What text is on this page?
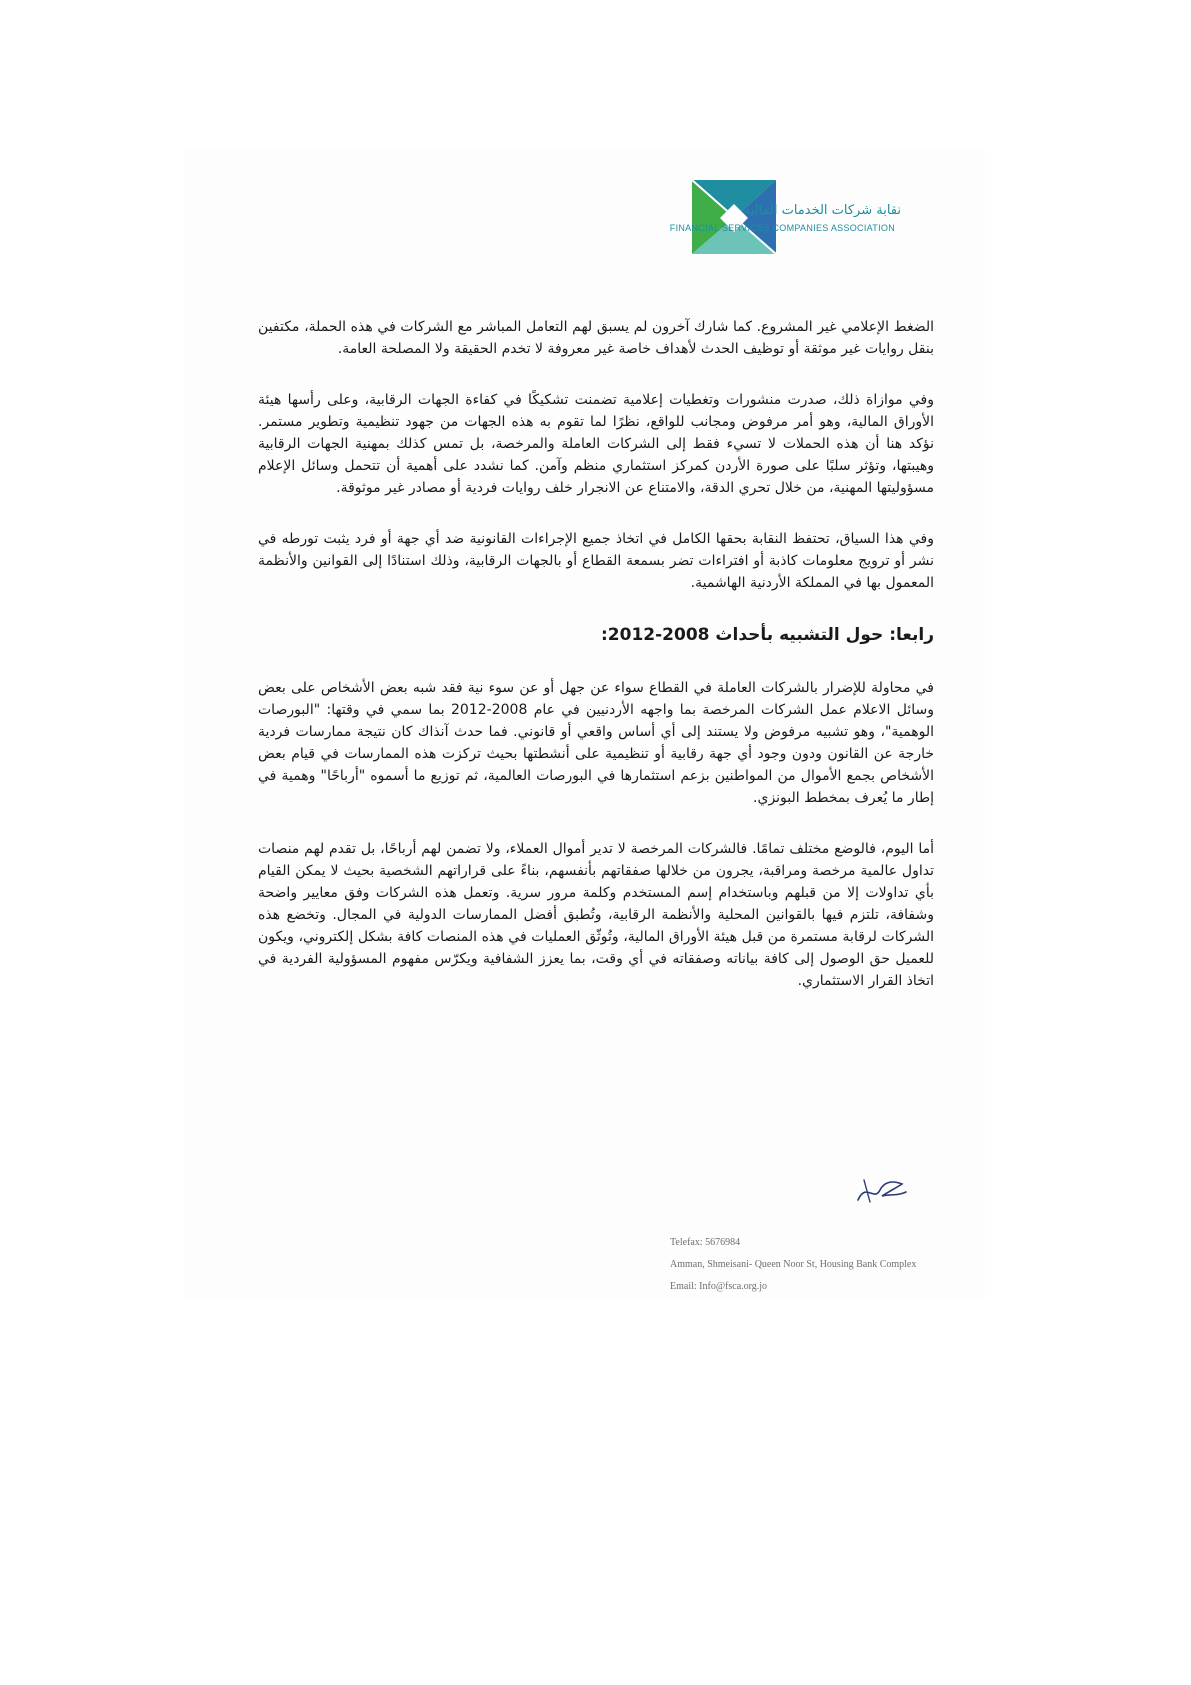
نقابة شركات الخدمات المالية
FINANCIAL SERVICES COMPANIES ASSOCIATION

الضغط الإعلامي غير المشروع. كما شارك آخرون لم يسبق لهم التعامل المباشر مع الشركات في هذه الحملة، مكتفين بنقل روايات غير موثقة أو توظيف الحدث لأهداف خاصة غير معروفة لا تخدم الحقيقة ولا المصلحة العامة.

وفي موازاة ذلك، صدرت منشورات وتغطيات إعلامية تضمنت تشكيكًا في كفاءة الجهات الرقابية، وعلى رأسها هيئة الأوراق المالية، وهو أمر مرفوض ومجانب للواقع، نظرًا لما تقوم به هذه الجهات من جهود تنظيمية وتطوير مستمر. نؤكد هنا أن هذه الحملات لا تسيء فقط إلى الشركات العاملة والمرخصة، بل تمس كذلك بمهنية الجهات الرقابية وهيبتها، وتؤثر سلبًا على صورة الأردن كمركز استثماري منظم وآمن. كما نشدد على أهمية أن تتحمل وسائل الإعلام مسؤوليتها المهنية، من خلال تحري الدقة، والامتناع عن الانجرار خلف روايات فردية أو مصادر غير موثوقة.

وفي هذا السياق، تحتفظ النقابة بحقها الكامل في اتخاذ جميع الإجراءات القانونية ضد أي جهة أو فرد يثبت تورطه في نشر أو ترويج معلومات كاذبة أو افتراءات تضر بسمعة القطاع أو بالجهات الرقابية، وذلك استنادًا إلى القوانين والأنظمة المعمول بها في المملكة الأردنية الهاشمية.

رابعا: حول التشبيه بأحداث 2008-2012:

في محاولة للإضرار بالشركات العاملة في القطاع سواء عن جهل أو عن سوء نية فقد شبه بعض الأشخاص على بعض وسائل الاعلام عمل الشركات المرخصة بما واجهه الأردنيين في عام 2008-2012 بما سمي في وقتها: "البورصات الوهمية"، وهو تشبيه مرفوض ولا يستند إلى أي أساس واقعي أو قانوني. فما حدث آنذاك كان نتيجة ممارسات فردية خارجة عن القانون ودون وجود أي جهة رقابية أو تنظيمية على أنشطتها بحيث تركزت هذه الممارسات في قيام بعض الأشخاص بجمع الأموال من المواطنين بزعم استثمارها في البورصات العالمية، ثم توزيع ما أسموه "أرباحًا" وهمية في إطار ما يُعرف بمخطط البونزي.

أما اليوم، فالوضع مختلف تمامًا. فالشركات المرخصة لا تدير أموال العملاء، ولا تضمن لهم أرباحًا، بل تقدم لهم منصات تداول عالمية مرخصة ومراقبة، يجرون من خلالها صفقاتهم بأنفسهم، بناءً على قراراتهم الشخصية بحيث لا يمكن القيام بأي تداولات إلا من قبلهم وباستخدام إسم المستخدم وكلمة مرور سرية. وتعمل هذه الشركات وفق معايير واضحة وشفافة، تلتزم فيها بالقوانين المحلية والأنظمة الرقابية، وتُطبق أفضل الممارسات الدولية في المجال. وتخضع هذه الشركات لرقابة مستمرة من قبل هيئة الأوراق المالية، وتُوثّق العمليات في هذه المنصات كافة بشكل إلكتروني، ويكون للعميل حق الوصول إلى كافة بياناته وصفقاته في أي وقت، بما يعزز الشفافية ويكرّس مفهوم المسؤولية الفردية في اتخاذ القرار الاستثماري.

Telefax: 5676984
Amman, Shmeisani- Queen Noor St, Housing Bank Complex
Email: Info@fsca.org.jo
